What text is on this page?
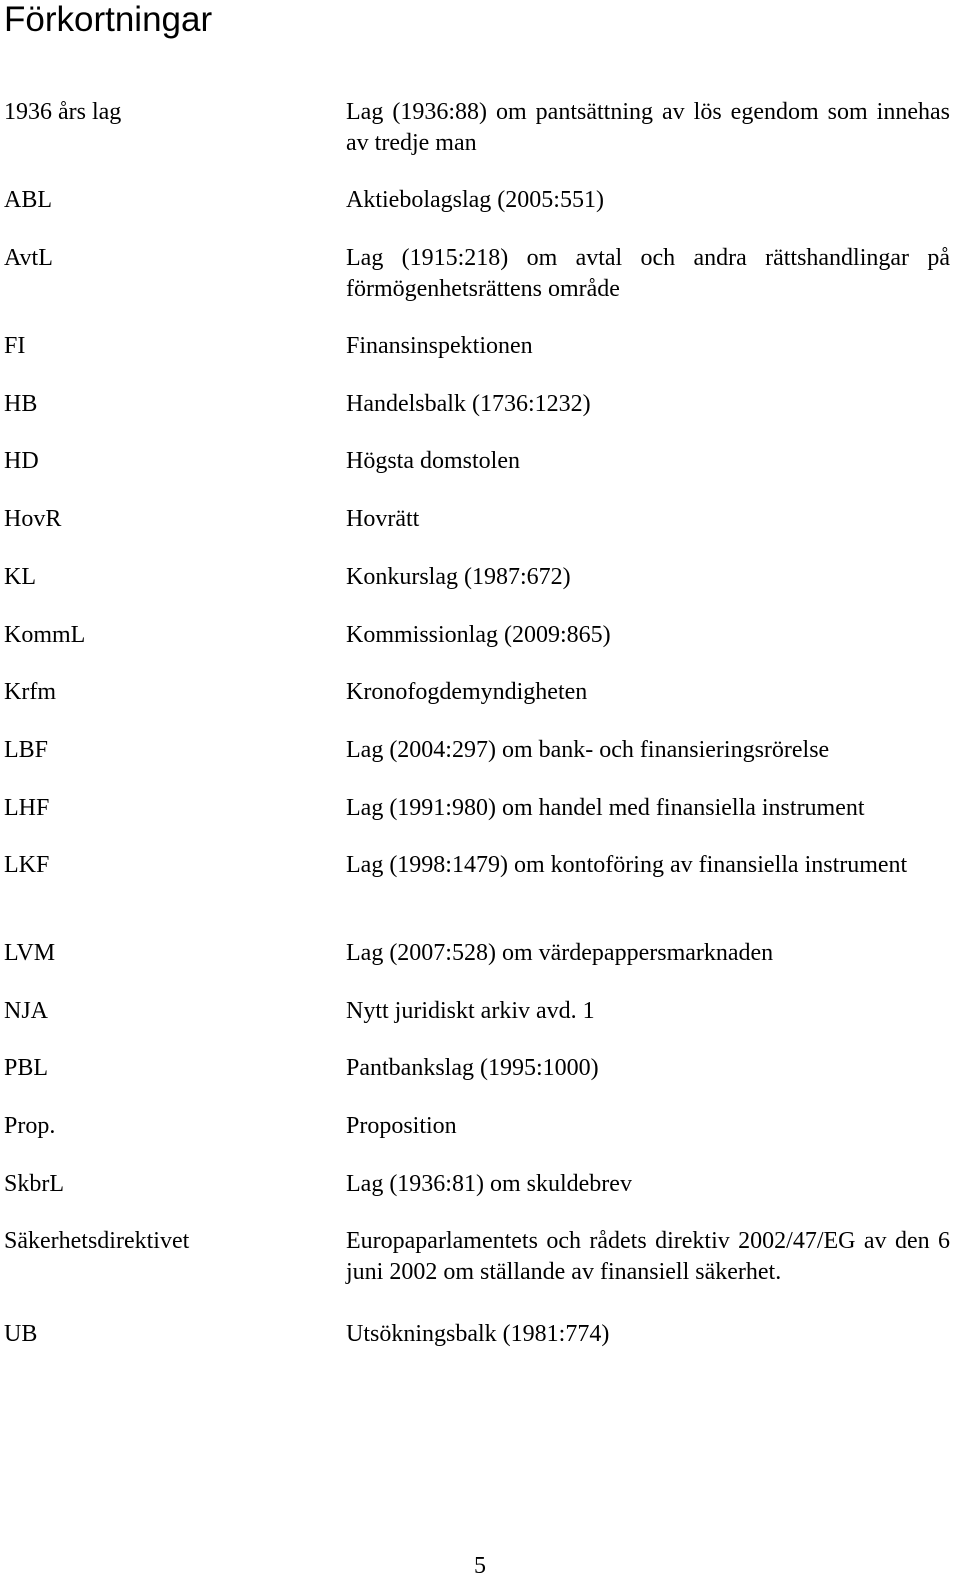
Förkortningar
1936 års lag	Lag (1936:88) om pantsättning av lös egendom som innehas av tredje man
ABL	Aktiebolagslag (2005:551)
AvtL	Lag (1915:218) om avtal och andra rättshandlingar på förmögenhetsrättens område
FI	Finansinspektionen
HB	Handelsbalk (1736:1232)
HD	Högsta domstolen
HovR	Hovrätt
KL	Konkurslag (1987:672)
KommL	Kommissionlag (2009:865)
Krfm	Kronofogdemyndigheten
LBF	Lag (2004:297) om bank- och finansieringsrörelse
LHF	Lag (1991:980) om handel med finansiella instrument
LKF	Lag (1998:1479) om kontoföring av finansiella instrument
LVM	Lag (2007:528) om värdepappersmarknaden
NJA	Nytt juridiskt arkiv avd. 1
PBL	Pantbankslag (1995:1000)
Prop.	Proposition
SkbrL	Lag (1936:81) om skuldebrev
Säkerhetsdirektivet	Europaparlamentets och rådets direktiv 2002/47/EG av den 6 juni 2002 om ställande av finansiell säkerhet.
UB	Utsökningsbalk (1981:774)
5
